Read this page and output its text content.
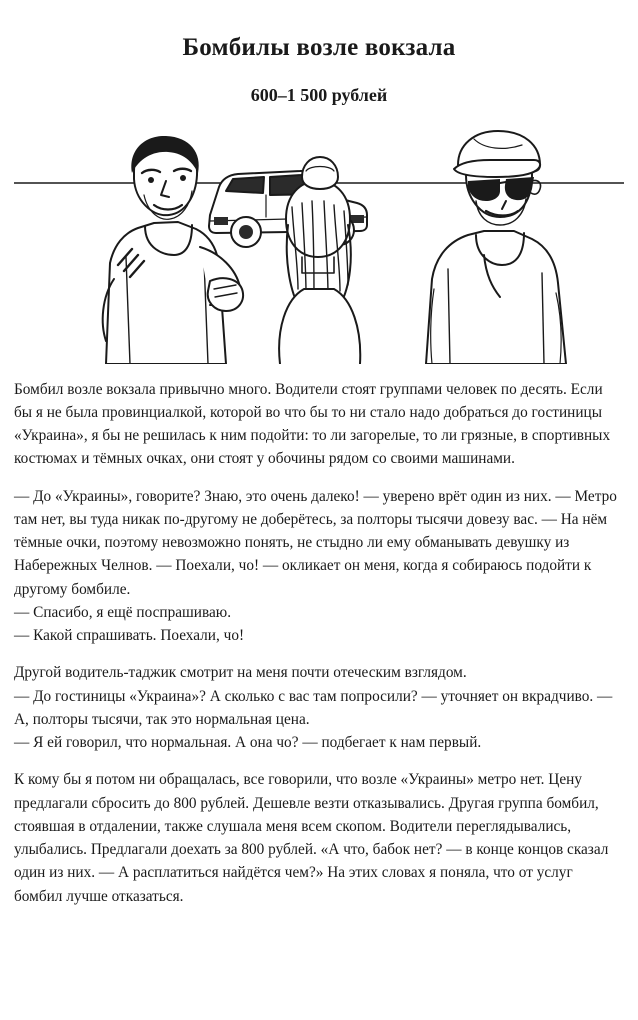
Бомбилы возле вокзала
600–1 500 рублей

Бомбил возле вокзала привычно много. Водители стоят группами человек по десять. Если бы я не была провинциалкой, которой во что бы то ни стало надо добраться до гостиницы «Украина», я бы не решилась к ним подойти: то ли загорелые, то ли грязные, в спортивных костюмах и тёмных очках, они стоят у обочины рядом со своими машинами.

— До «Украины», говорите? Знаю, это очень далеко! — уверено врёт один из них. — Метро там нет, вы туда никак по-другому не доберётесь, за полторы тысячи довезу вас. — На нём тёмные очки, поэтому невозможно понять, не стыдно ли ему обманывать девушку из Набережных Челнов. — Поехали, чо! — окликает он меня, когда я собираюсь подойти к другому бомбиле.

— Спасибо, я ещё поспрашиваю.

— Какой спрашивать. Поехали, чо!

Другой водитель-таджик смотрит на меня почти отеческим взглядом.

— До гостиницы «Украина»? А сколько с вас там попросили? — уточняет он вкрадчиво. — А, полторы тысячи, так это нормальная цена.

— Я ей говорил, что нормальная. А она чо? — подбегает к нам первый.

К кому бы я потом ни обращалась, все говорили, что возле «Украины» метро нет. Цену предлагали сбросить до 800 рублей. Дешевле везти отказывались. Другая группа бомбил, стоявшая в отдалении, также слушала меня всем скопом. Водители переглядывались, улыбались. Предлагали доехать за 800 рублей. «А что, бабок нет? — в конце концов сказал один из них. — А расплатиться найдётся чем?» На этих словах я поняла, что от услуг бомбил лучше отказаться.
